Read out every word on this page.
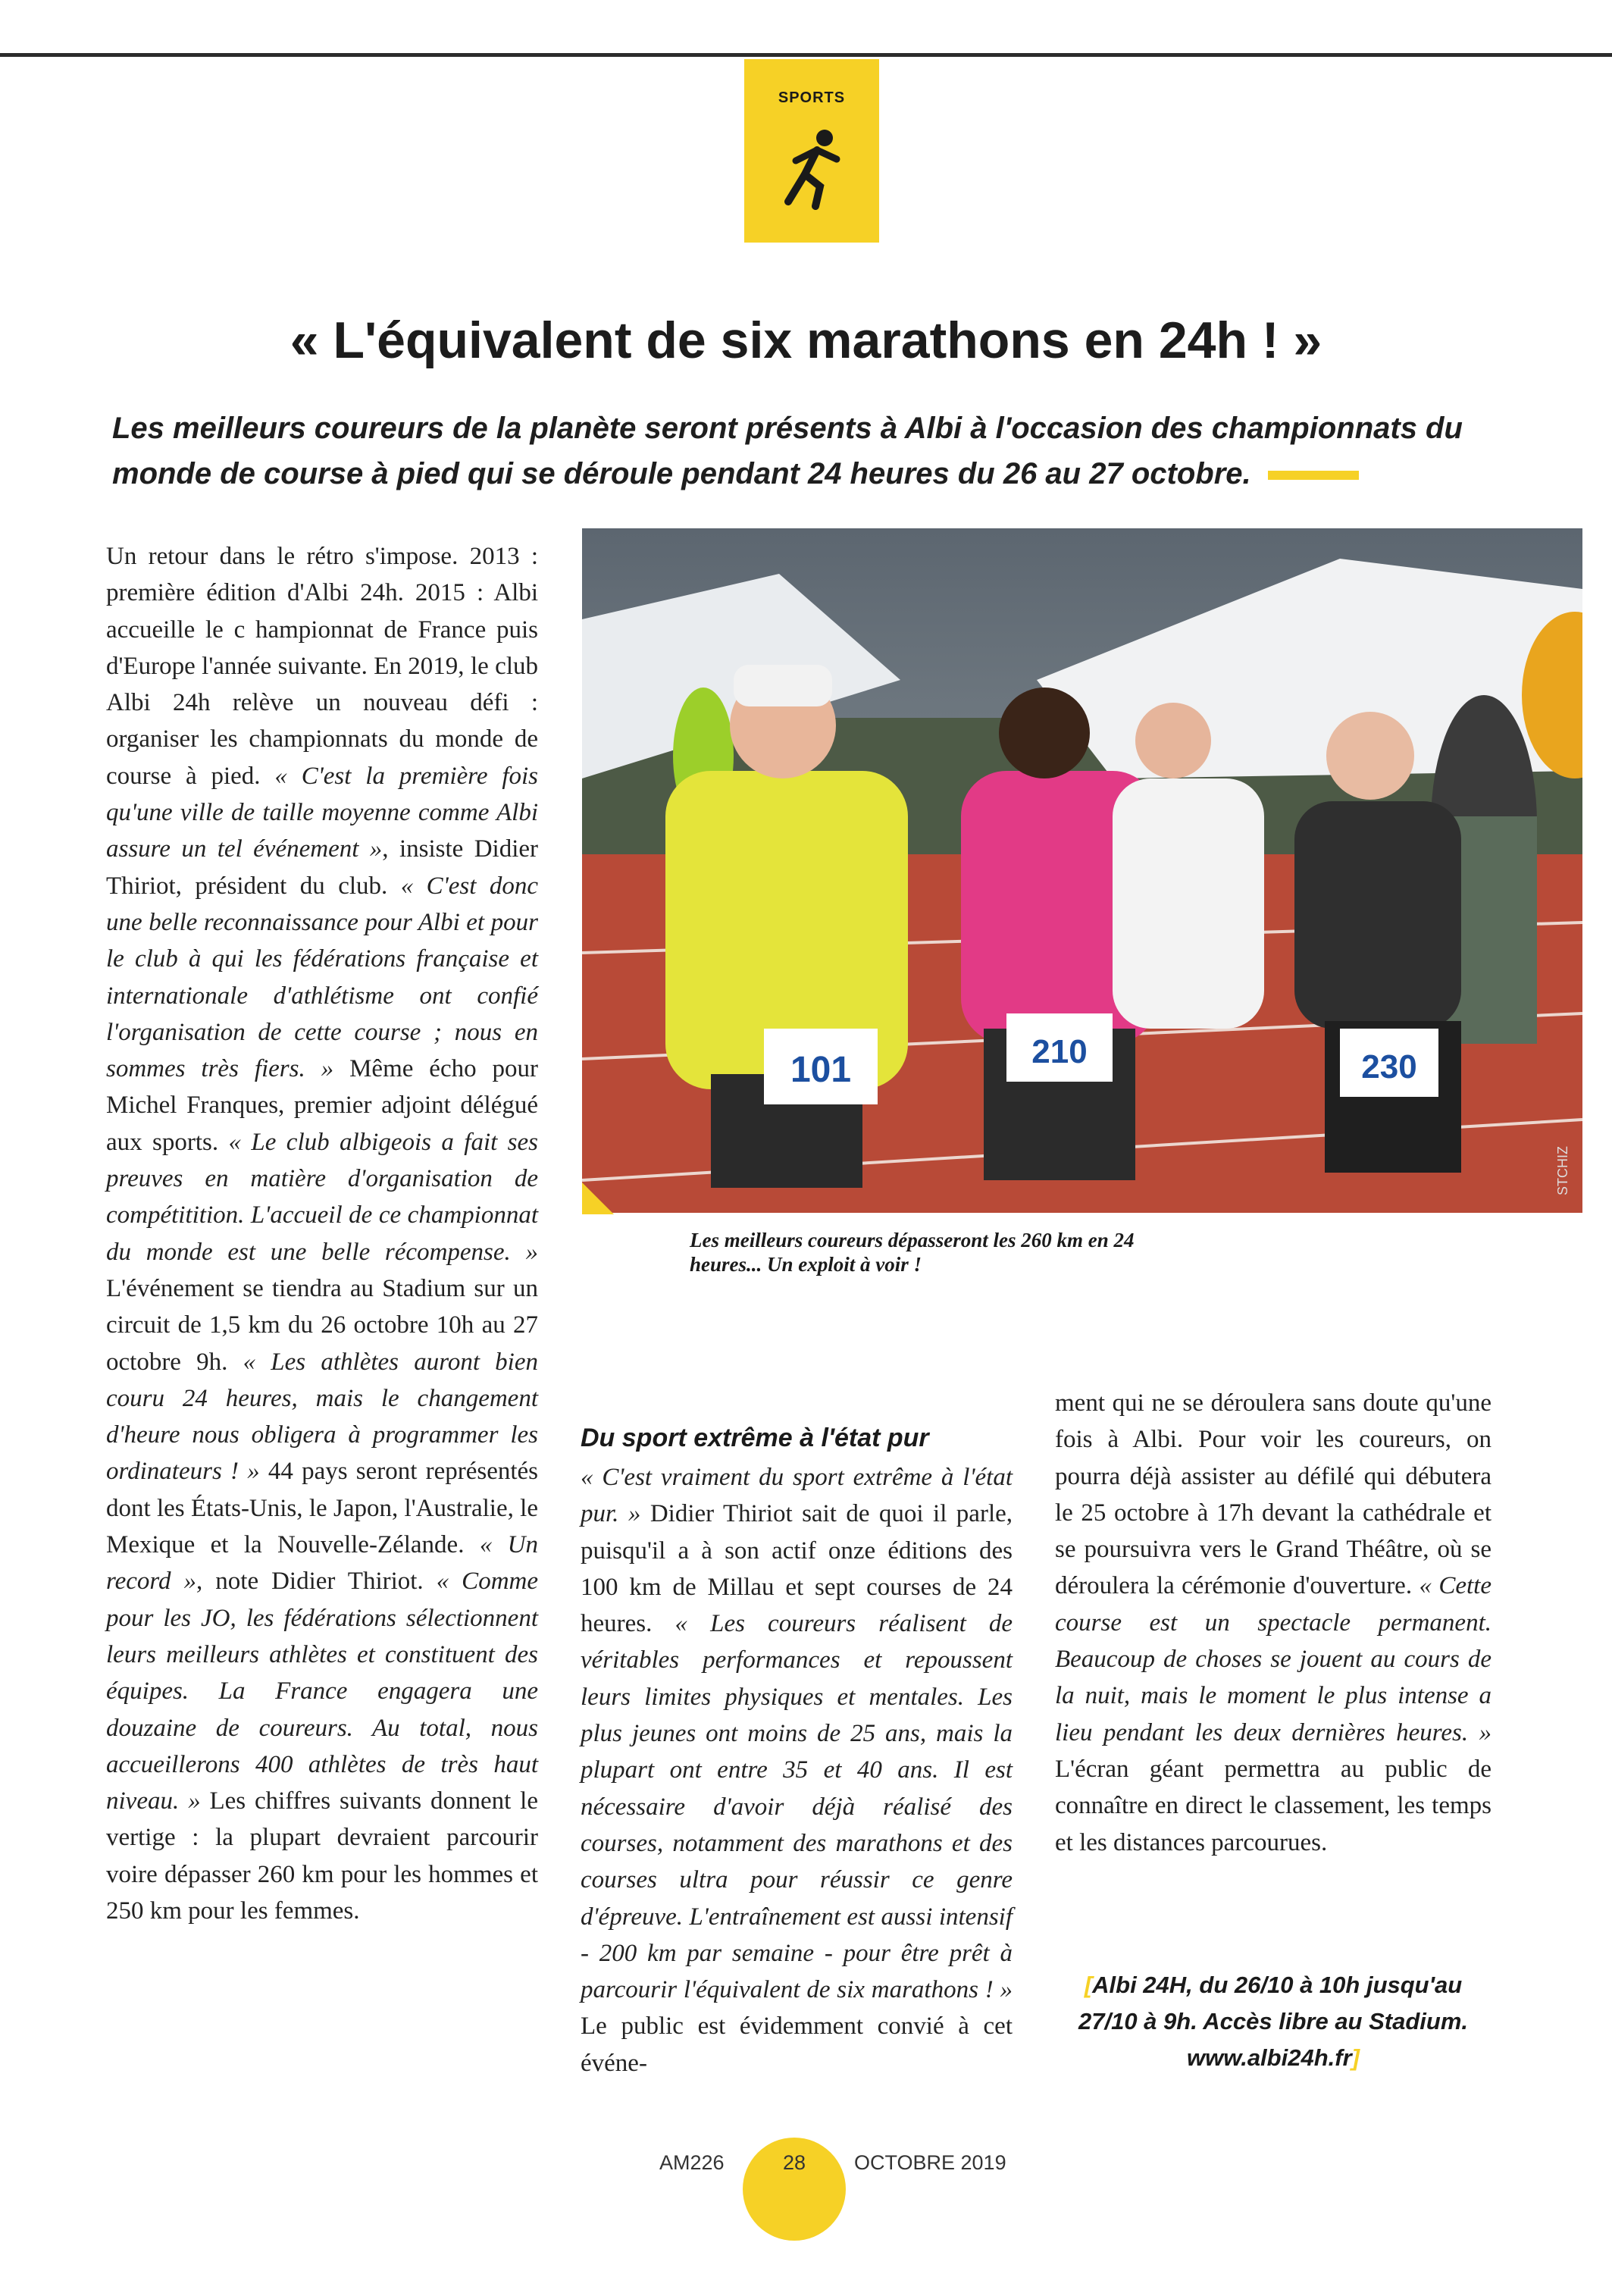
SPORTS
« L'équivalent de six marathons en 24h ! »
Les meilleurs coureurs de la planète seront présents à Albi à l'occasion des championnats du
monde de course à pied qui se déroule pendant 24 heures du 26 au 27 octobre.

Un retour dans le rétro s'impose. 2013 : première édition d'Albi 24h. 2015 : Albi accueille le c hampionnat de France puis d'Europe l'année suivante. En 2019, le club Albi 24h relève un nouveau défi : organiser les championnats du monde de course à pied. « C'est la première fois qu'une ville de taille moyenne comme Albi assure un tel événement », insiste Didier Thiriot, président du club. « C'est donc une belle reconnaissance pour Albi et pour le club à qui les fédérations française et internationale d'athlétisme ont confié l'organisation de cette course ; nous en sommes très fiers. » Même écho pour Michel Franques, premier adjoint délégué aux sports. « Le club albigeois a fait ses preuves en matière d'organisation de compétitition. L'accueil de ce championnat du monde est une belle récompense. » L'événement se tiendra au Stadium sur un circuit de 1,5 km du 26 octobre 10h au 27 octobre 9h. « Les athlètes auront bien couru 24 heures, mais le changement d'heure nous obligera à programmer les ordinateurs ! » 44 pays seront représentés dont les États-Unis, le Japon, l'Australie, le Mexique et la Nouvelle-Zélande. « Un record », note Didier Thiriot. « Comme pour les JO, les fédérations sélectionnent leurs meilleurs athlètes et constituent des équipes. La France engagera une douzaine de coureurs. Au total, nous accueillerons 400 athlètes de très haut niveau. » Les chiffres suivants donnent le vertige : la plupart devraient parcourir voire dépasser 260 km pour les hommes et 250 km pour les femmes.

101	210	230
STCHIZ
Les meilleurs coureurs dépasseront les 260 km en 24 heures... Un exploit à voir !
Du sport extrême à l'état pur

« C'est vraiment du sport extrême à l'état pur. » Didier Thiriot sait de quoi il parle, puisqu'il a à son actif onze éditions des 100 km de Millau et sept courses de 24 heures. « Les coureurs réalisent de véritables performances et repoussent leurs limites physiques et mentales. Les plus jeunes ont moins de 25 ans, mais la plupart ont entre 35 et 40 ans. Il est nécessaire d'avoir déjà réalisé des courses, notamment des marathons et des courses ultra pour réussir ce genre d'épreuve. L'entraînement est aussi intensif - 200 km par semaine - pour être prêt à parcourir l'équivalent de six marathons ! » Le public est évidemment convié à cet événe-

ment qui ne se déroulera sans doute qu'une fois à Albi. Pour voir les coureurs, on pourra déjà assister au défilé qui débutera le 25 octobre à 17h devant la cathédrale et se poursuivra vers le Grand Théâtre, où se déroulera la cérémonie d'ouverture. « Cette course est un spectacle permanent. Beaucoup de choses se jouent au cours de la nuit, mais le moment le plus intense a lieu pendant les deux dernières heures. » L'écran géant permettra au public de connaître en direct le classement, les temps et les distances parcourues.

[Albi 24H, du 26/10 à 10h jusqu'au 27/10 à 9h. Accès libre au Stadium. www.albi24h.fr]
AM226	28	OCTOBRE 2019
